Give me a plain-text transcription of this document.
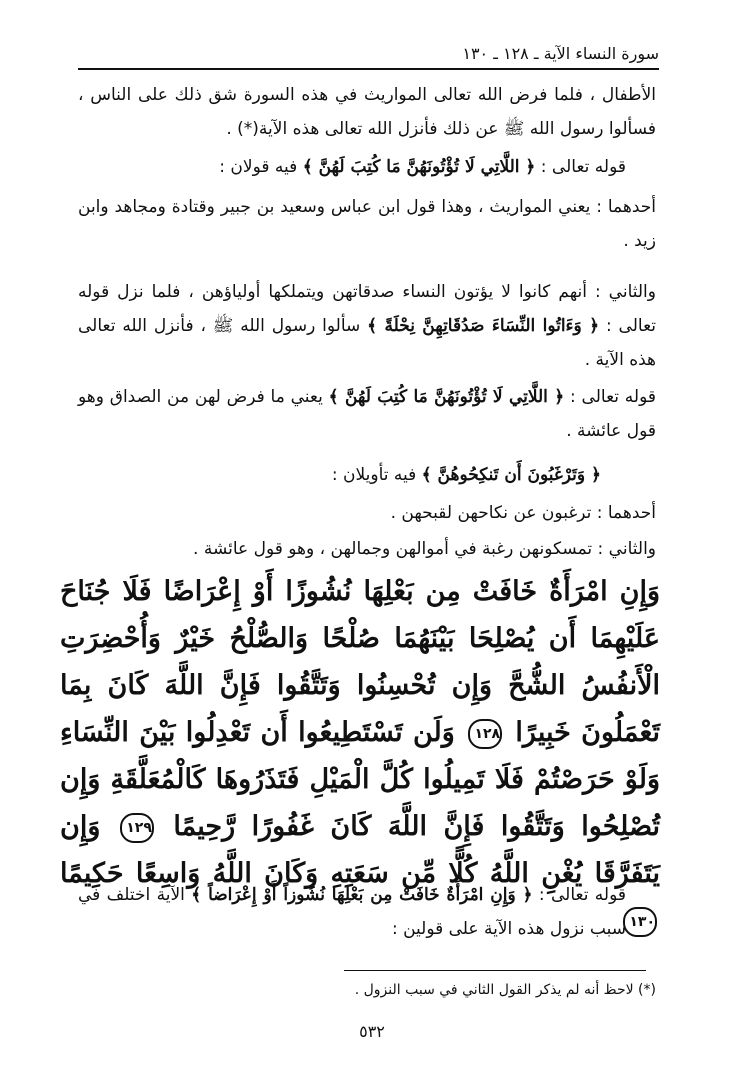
سورة النساء الآية ـ ١٢٨ ـ ١٣٠

الأطفال ، فلما فرض الله تعالى المواريث في هذه السورة شق ذلك على الناس ، فسألوا رسول الله ﷺ عن ذلك فأنزل الله تعالى هذه الآية(*) .

قوله تعالى : ﴿ اللَّاتِي لَا تُؤْتُونَهُنَّ مَا كُتِبَ لَهُنَّ ﴾ فيه قولان :

أحدهما : يعني المواريث ، وهذا قول ابن عباس وسعيد بن جبير وقتادة ومجاهد وابن زيد .

والثاني : أنهم كانوا لا يؤتون النساء صدقاتهن ويتملكها أولياؤهن ، فلما نزل قوله تعالى : ﴿ وَءَاتُوا النِّسَاءَ صَدُقَاتِهِنَّ نِحْلَةً ﴾ سألوا رسول الله ﷺ ، فأنزل الله تعالى هذه الآية .

قوله تعالى : ﴿ اللَّاتِي لَا تُؤْتُونَهُنَّ مَا كُتِبَ لَهُنَّ ﴾ يعني ما فرض لهن من الصداق وهو قول عائشة .

﴿ وَتَرْغَبُونَ أَن تَنكِحُوهُنَّ ﴾ فيه تأويلان :

أحدهما : ترغبون عن نكاحهن لقبحهن .

والثاني : تمسكونهن رغبة في أموالهن وجمالهن ، وهو قول عائشة .

وَإِنِ امْرَأَةٌ خَافَتْ مِن بَعْلِهَا نُشُوزًا أَوْ إِعْرَاضًا فَلَا جُنَاحَ عَلَيْهِمَا أَن يُصْلِحَا بَيْنَهُمَا صُلْحًا وَالصُّلْحُ خَيْرٌ وَأُحْضِرَتِ الْأَنفُسُ الشُّحَّ وَإِن تُحْسِنُوا وَتَتَّقُوا فَإِنَّ اللَّهَ كَانَ بِمَا تَعْمَلُونَ خَبِيرًا ١٢٨ وَلَن تَسْتَطِيعُوا أَن تَعْدِلُوا بَيْنَ النِّسَاءِ وَلَوْ حَرَصْتُمْ فَلَا تَمِيلُوا كُلَّ الْمَيْلِ فَتَذَرُوهَا كَالْمُعَلَّقَةِ وَإِن تُصْلِحُوا وَتَتَّقُوا فَإِنَّ اللَّهَ كَانَ غَفُورًا رَّحِيمًا ١٢٩ وَإِن يَتَفَرَّقَا يُغْنِ اللَّهُ كُلًّا مِّن سَعَتِهِ وَكَانَ اللَّهُ وَاسِعًا حَكِيمًا ١٣٠

قوله تعالى : ﴿ وَإِنِ امْرَأَةٌ خَافَتْ مِن بَعْلِهَا نُشُوزاً أَوْ إِعْرَاضاً ﴾ الآية اختلف في سبب نزول هذه الآية على قولين :

(*) لاحظ أنه لم يذكر القول الثاني في سبب النزول .
٥٣٢
